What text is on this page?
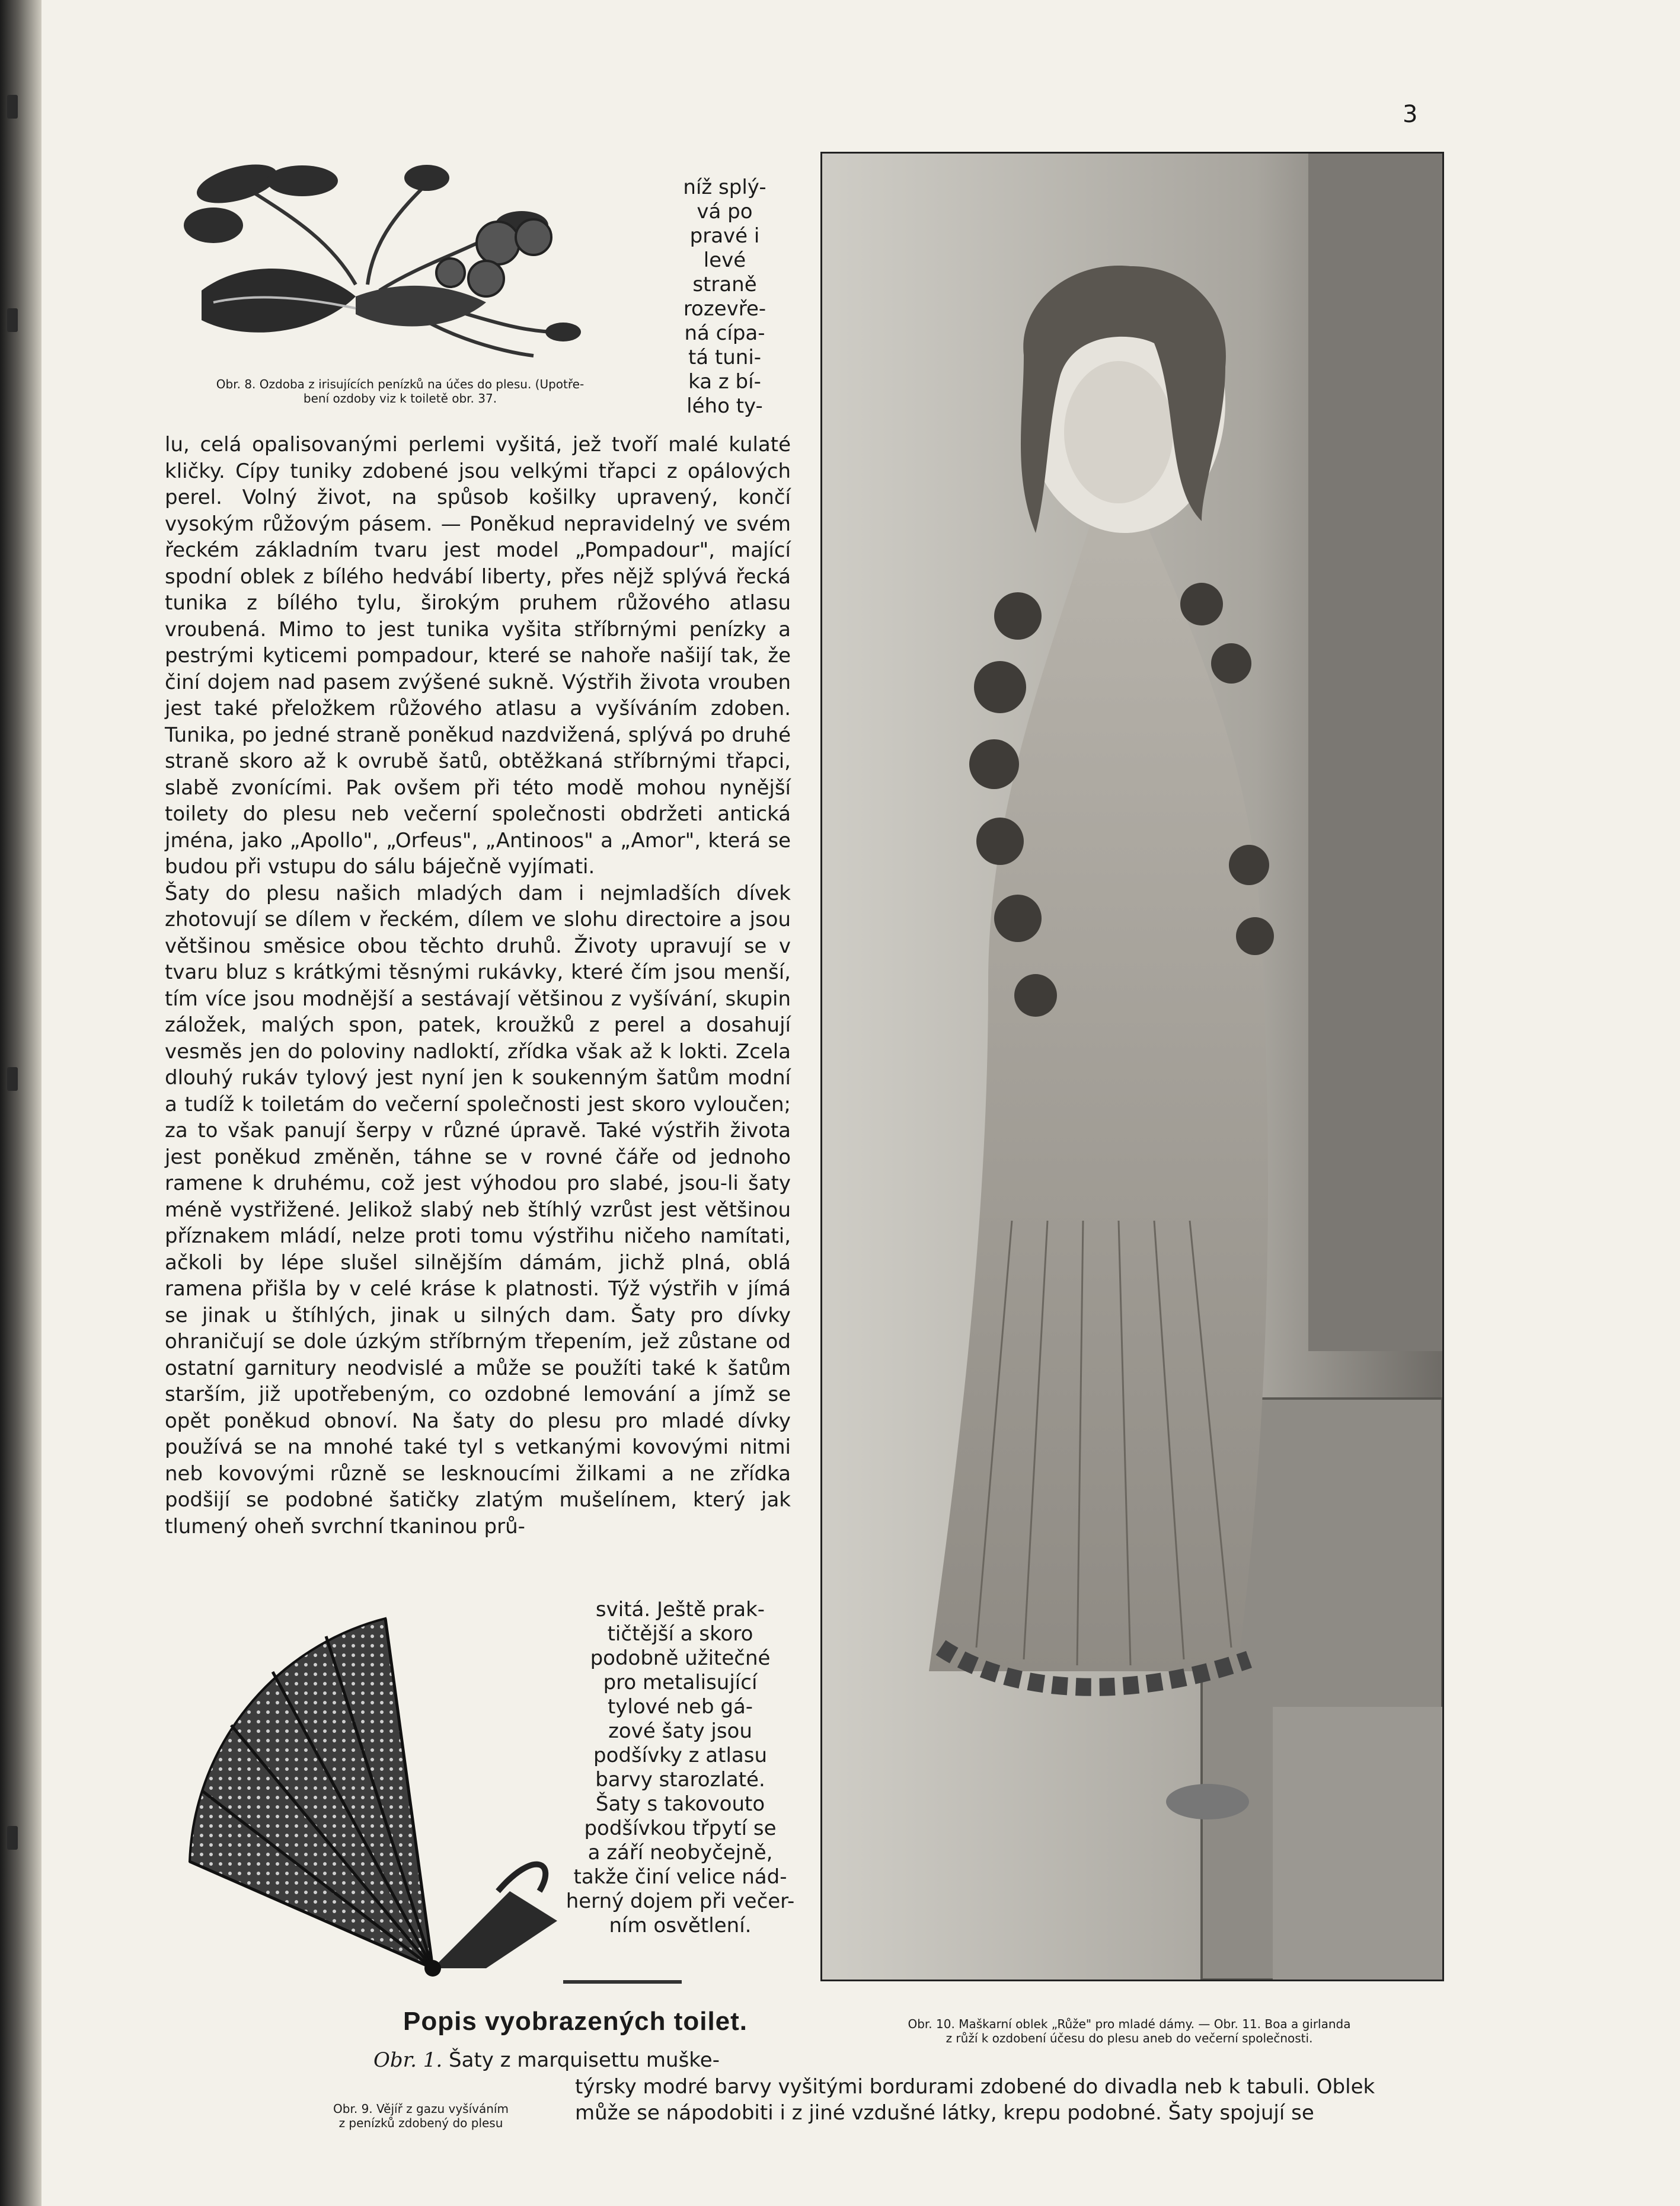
3
Obr. 8. Ozdoba z irisujících penízků na účes do plesu. (Upotře-
bení ozdoby viz k toiletě obr. 37.
níž splý-
vá po
pravé i
levé
straně
rozevře-
ná cípa-
tá tuni-
ka z bí-
lého ty-
lu, celá opalisovanými perlemi vyšitá, jež tvoří malé kulaté kličky. Cípy tuniky zdobené jsou velkými třapci z opálových perel. Volný život, na spůsob košilky upravený, končí vysokým růžovým pásem. — Poněkud nepravidelný ve svém řeckém základním tvaru jest model „Pompadour", mající spodní oblek z bílého hedvábí liberty, přes nějž splývá řecká tunika z bílého tylu, širokým pruhem růžového atlasu vroubená. Mimo to jest tunika vyšita stříbrnými penízky a pestrými kyticemi pompadour, které se nahoře našijí tak, že činí dojem nad pasem zvýšené sukně. Výstřih života vrouben jest také přeložkem růžového atlasu a vyšíváním zdoben. Tunika, po jedné straně poněkud nazdvižená, splývá po druhé straně skoro až k ovrubě šatů, obtěžkaná stříbrnými třapci, slabě zvonícími. Pak ovšem při této modě mohou nynější toilety do plesu neb večerní společnosti obdržeti antická jména, jako „Apollo", „Orfeus", „Antinoos" a „Amor", která se budou při vstupu do sálu báječně vyjímati.
Šaty do plesu našich mladých dam i nejmladších dívek zhotovují se dílem v řeckém, dílem ve slohu directoire a jsou většinou směsice obou těchto druhů. Životy upravují se v tvaru bluz s krátkými těsnými rukávky, které čím jsou menší, tím více jsou modnější a sestávají většinou z vyšívání, skupin záložek, malých spon, patek, kroužků z perel a dosahují vesměs jen do poloviny nadloktí, zřídka však až k lokti. Zcela dlouhý rukáv tylový jest nyní jen k soukenným šatům modní a tudíž k toiletám do večerní společnosti jest skoro vyloučen; za to však panují šerpy v různé úpravě. Také výstřih života jest poněkud změněn, táhne se v rovné čáře od jednoho ramene k druhému, což jest výhodou pro slabé, jsou-li šaty méně vystřižené. Jelikož slabý neb štíhlý vzrůst jest většinou příznakem mládí, nelze proti tomu výstřihu ničeho namítati, ačkoli by lépe slušel silnějším dámám, jichž plná, oblá ramena přišla by v celé kráse k platnosti. Týž výstřih v jímá se jinak u štíhlých, jinak u silných dam. Šaty pro dívky ohraničují se dole úzkým stříbrným třepením, jež zůstane od ostatní garnitury neodvislé a může se použíti také k šatům starším, již upotřebeným, co ozdobné lemování a jímž se opět poněkud obnoví. Na šaty do plesu pro mladé dívky používá se na mnohé také tyl s vetkanými kovovými nitmi neb kovovými různě se lesknoucími žilkami a ne zřídka podšijí se podobné šatičky zlatým mušelínem, který jak tlumený oheň svrchní tkaninou prů-
svitá. Ještě prak-
tičtější a skoro
podobně užitečné
pro metalisující
tylové neb gá-
zové šaty jsou
podšívky z atlasu
barvy starozlaté.
Šaty s takovouto
podšívkou třpytí se
a září neobyčejně,
takže činí velice nád-
herný dojem při večer-
ním osvětlení.
Popis vyobrazených toilet.
Obr. 1. Šaty z marquisettu muške-
Obr. 9. Vějíř z gazu vyšíváním
z penízků zdobený do plesu
týrsky modré barvy vyšitými bordurami zdobené do divadla neb k tabuli. Oblek
může se nápodobiti i z jiné vzdušné látky, krepu podobné. Šaty spojují se
Obr. 10. Maškarní oblek „Růže" pro mladé dámy. — Obr. 11. Boa a girlanda
z růží k ozdobení účesu do plesu aneb do večerní společnosti.
